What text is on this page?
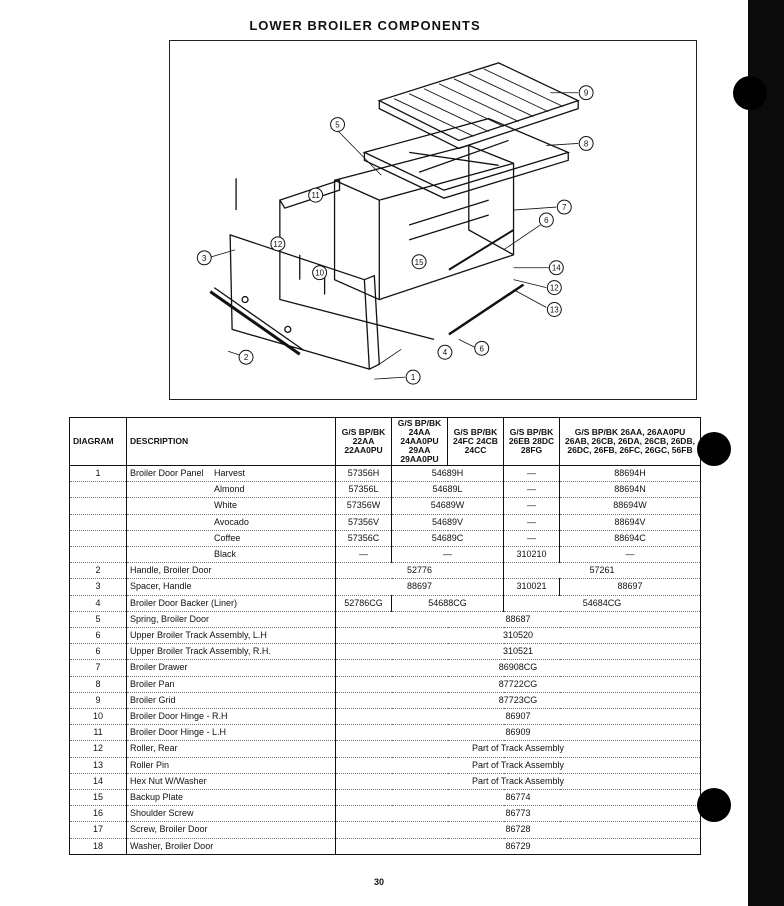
LOWER BROILER COMPONENTS
9
8
5
7
6
3
12
10
11
14
12
13
2
4	6
1
15
DIAGRAM	DESCRIPTION	G/S BP/BK 22AA 22AA0PU	G/S BP/BK 24AA 24AA0PU 29AA 29AA0PU	G/S BP/BK 24FC 24CB 24CC	G/S BP/BK 26EB 28DC 28FG	G/S BP/BK 26AA, 26AA0PU 26AB, 26CB, 26DA, 26CB, 26DB, 26DC, 26FB, 26FC, 26GC, 56FB
1	Broiler Door Panel Harvest	57356H	54689H		—	88694H
	Almond	57356L	54689L		—	88694N
	White	57356W	54689W		—	88694W
	Avocado	57356V	54689V		—	88694V
	Coffee	57356C	54689C		—	88694C
	Black	—	—		310210	—
2	Handle, Broiler Door	52776			57261	
3	Spacer, Handle	88697			310021	88697
4	Broiler Door Backer (Liner)	52786CG	54688CG		54684CG	
5	Spring, Broiler Door	88687				
6	Upper Broiler Track Assembly, L.H	310520				
6	Upper Broiler Track Assembly, R.H.	310521				
7	Broiler Drawer	86908CG				
8	Broiler Pan	87722CG				
9	Broiler Grid	87723CG				
10	Broiler Door Hinge - R.H	86907				
11	Broiler Door Hinge - L.H	86909				
12	Roller, Rear	Part of Track Assembly				
13	Roller Pin	Part of Track Assembly				
14	Hex Nut W/Washer	Part of Track Assembly				
15	Backup Plate	86774				
16	Shoulder Screw	86773				
17	Screw, Broiler Door	86728				
18	Washer, Broiler Door	86729				
30
